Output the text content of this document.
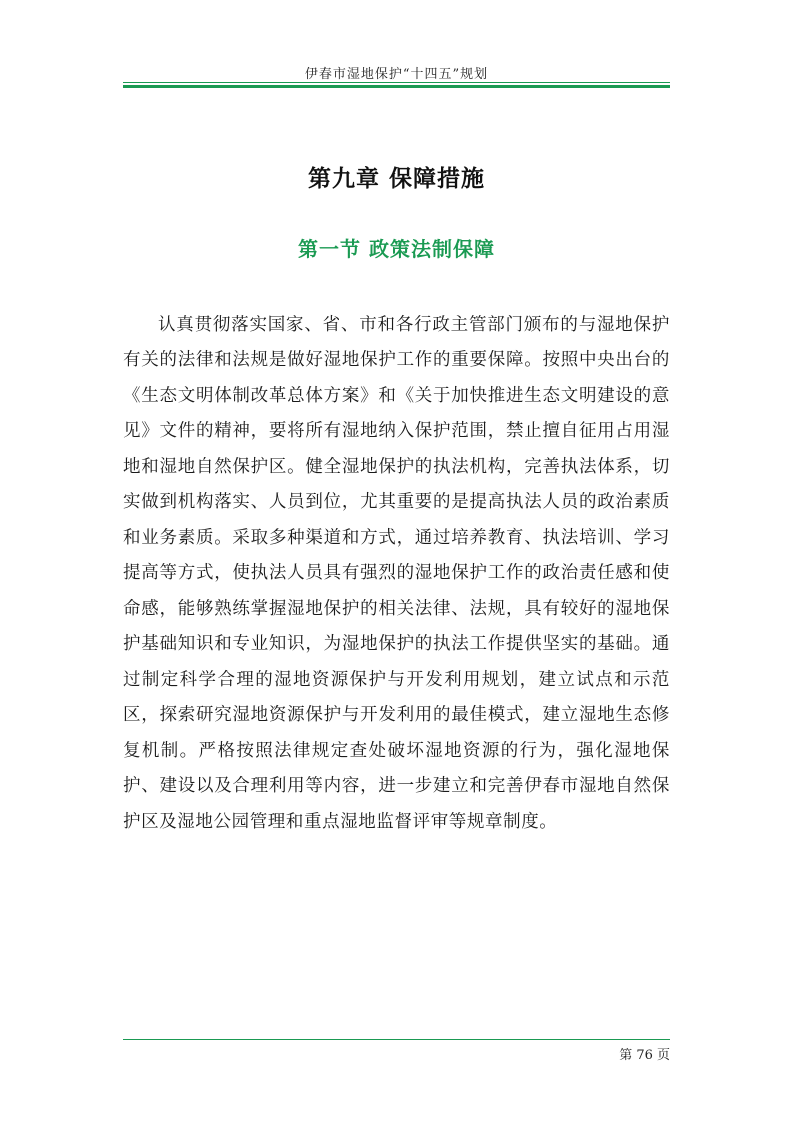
伊春市湿地保护“十四五”规划
第九章 保障措施
第一节 政策法制保障

认真贯彻落实国家、省、市和各行政主管部门颁布的与湿地保护有关的法律和法规是做好湿地保护工作的重要保障。按照中央出台的《生态文明体制改革总体方案》和《关于加快推进生态文明建设的意见》文件的精神，要将所有湿地纳入保护范围，禁止擅自征用占用湿地和湿地自然保护区。健全湿地保护的执法机构，完善执法体系，切实做到机构落实、人员到位，尤其重要的是提高执法人员的政治素质和业务素质。采取多种渠道和方式，通过培养教育、执法培训、学习提高等方式，使执法人员具有强烈的湿地保护工作的政治责任感和使命感，能够熟练掌握湿地保护的相关法律、法规，具有较好的湿地保护基础知识和专业知识，为湿地保护的执法工作提供坚实的基础。通过制定科学合理的湿地资源保护与开发利用规划，建立试点和示范区，探索研究湿地资源保护与开发利用的最佳模式，建立湿地生态修复机制。严格按照法律规定查处破坏湿地资源的行为，强化湿地保护、建设以及合理利用等内容，进一步建立和完善伊春市湿地自然保护区及湿地公园管理和重点湿地监督评审等规章制度。

第 76 页
